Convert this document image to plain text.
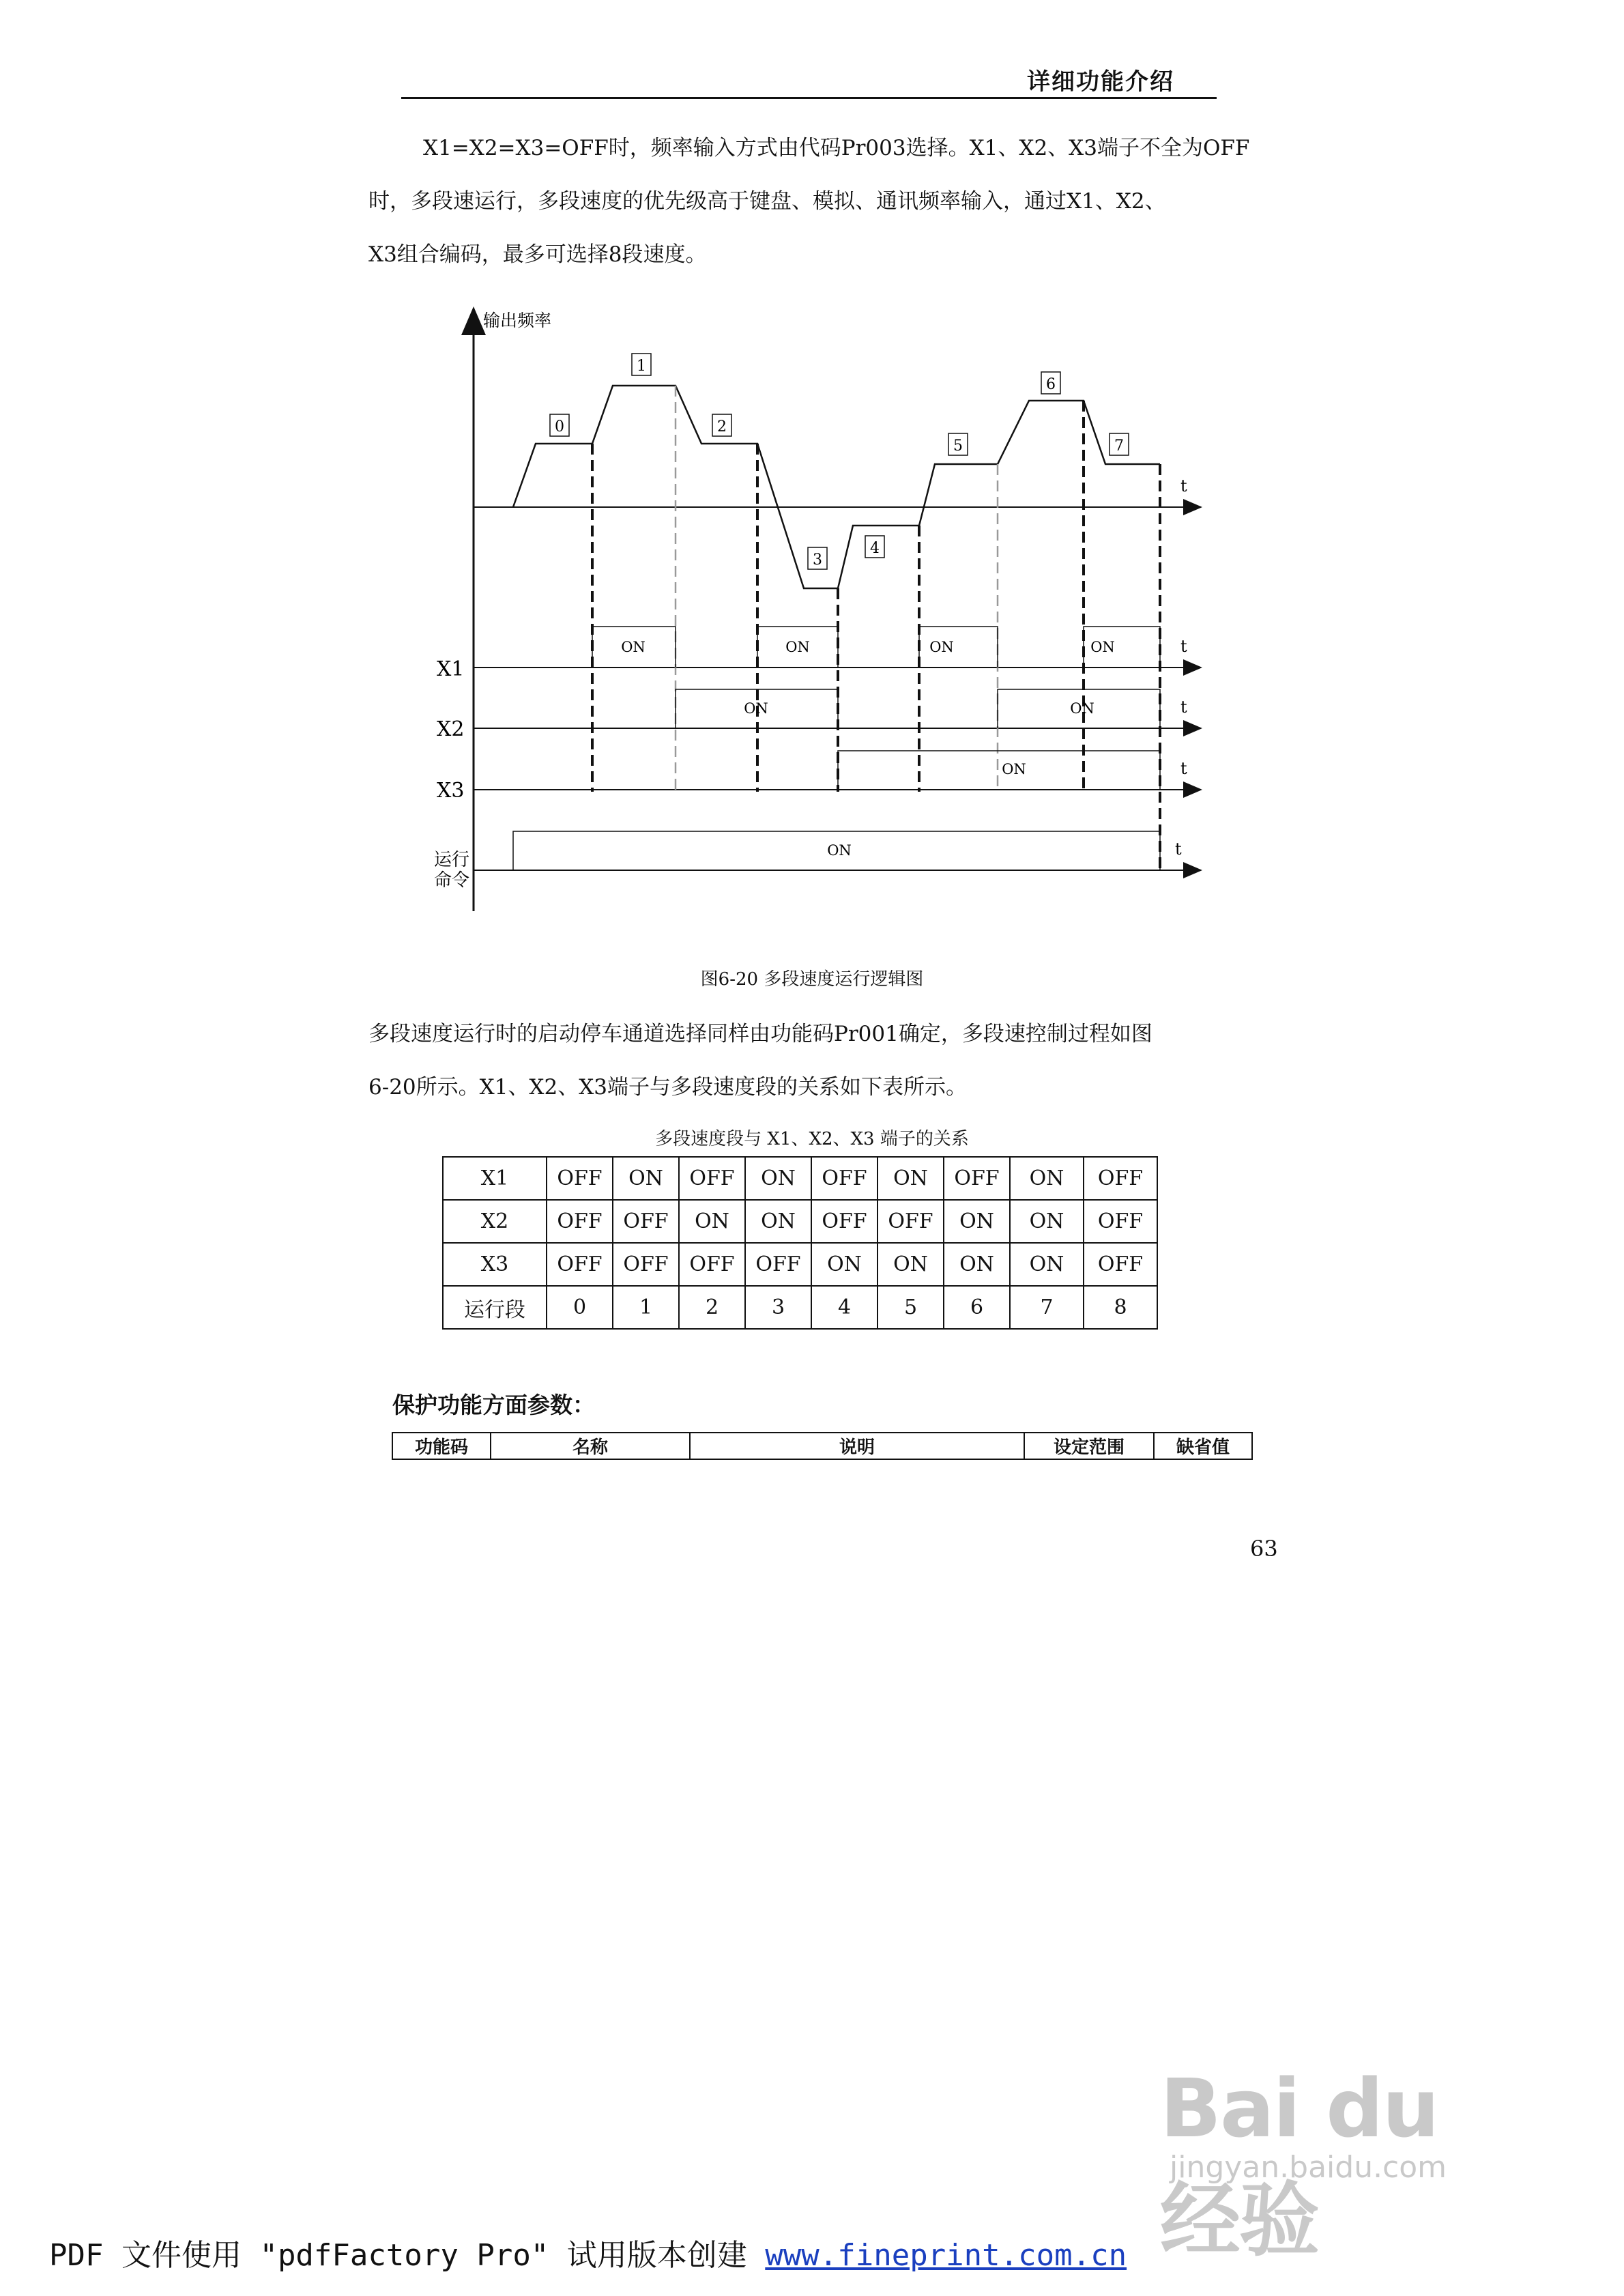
详细功能介绍

X1=X2=X3=OFF时，频率输入方式由代码Pr003选择。X1、X2、X3端子不全为OFF

时，多段速运行，多段速度的优先级高于键盘、模拟、通讯频率输入，通过X1、X2、

X3组合编码，最多可选择8段速度。

输出频率
t
t
t
t
t
0
1
2
3
4
5
6
7
ON	ON	ON	ON
ON	ON
ON
ON
X1
X2
X3
运行
命令
图6-20 多段速度运行逻辑图

多段速度运行时的启动停车通道选择同样由功能码Pr001确定，多段速控制过程如图

6-20所示。X1、X2、X3端子与多段速度段的关系如下表所示。

多段速度段与 X1、X2、X3 端子的关系
X1	OFF	ON	OFF	ON	OFF	ON	OFF	ON	OFF
X2	OFF	OFF	ON	ON	OFF	OFF	ON	ON	OFF
X3	OFF	OFF	OFF	OFF	ON	ON	ON	ON	OFF
运行段	0	1	2	3	4	5	6	7	8
保护功能方面参数：
功能码	名称	说明	设定范围	缺省值
63
Bai du 经验
jingyan.baidu.com
PDF 文件使用 "pdfFactory Pro" 试用版本创建 www.fineprint.com.cn
